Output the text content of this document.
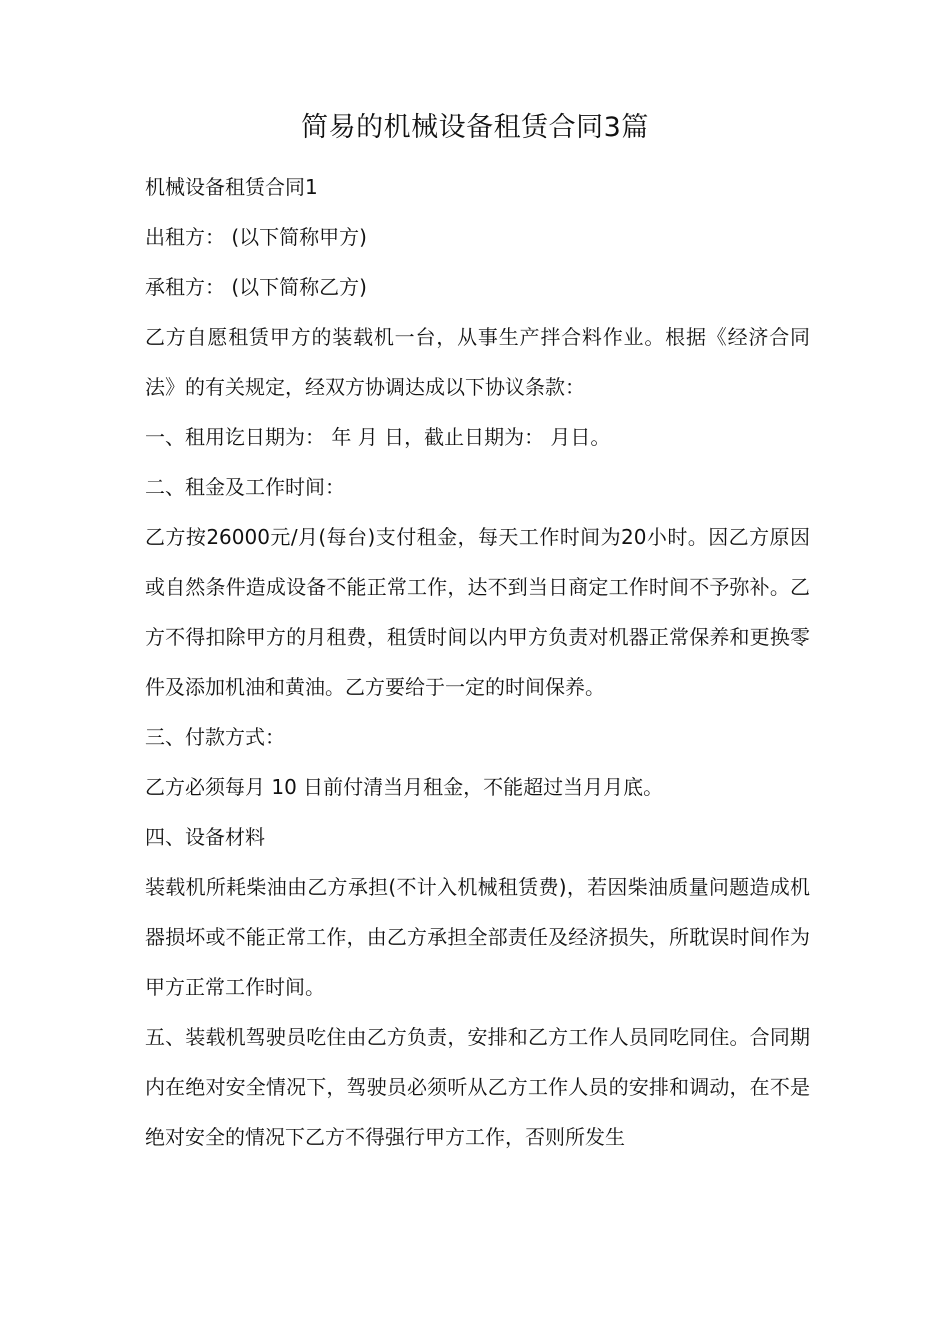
简易的机械设备租赁合同3篇

机械设备租赁合同1

出租方： (以下简称甲方)

承租方： (以下简称乙方)

乙方自愿租赁甲方的装载机一台，从事生产拌合料作业。根据《经济合同法》的有关规定，经双方协调达成以下协议条款：

一、租用讫日期为： 年 月 日，截止日期为： 月日。

二、租金及工作时间：

乙方按26000元/月(每台)支付租金，每天工作时间为20小时。因乙方原因或自然条件造成设备不能正常工作，达不到当日商定工作时间不予弥补。乙方不得扣除甲方的月租费，租赁时间以内甲方负责对机器正常保养和更换零件及添加机油和黄油。乙方要给于一定的时间保养。

三、付款方式：

乙方必须每月 10 日前付清当月租金，不能超过当月月底。

四、设备材料

装载机所耗柴油由乙方承担(不计入机械租赁费)，若因柴油质量问题造成机器损坏或不能正常工作，由乙方承担全部责任及经济损失，所耽误时间作为甲方正常工作时间。

五、装载机驾驶员吃住由乙方负责，安排和乙方工作人员同吃同住。合同期内在绝对安全情况下，驾驶员必须听从乙方工作人员的安排和调动，在不是绝对安全的情况下乙方不得强行甲方工作，否则所发生
